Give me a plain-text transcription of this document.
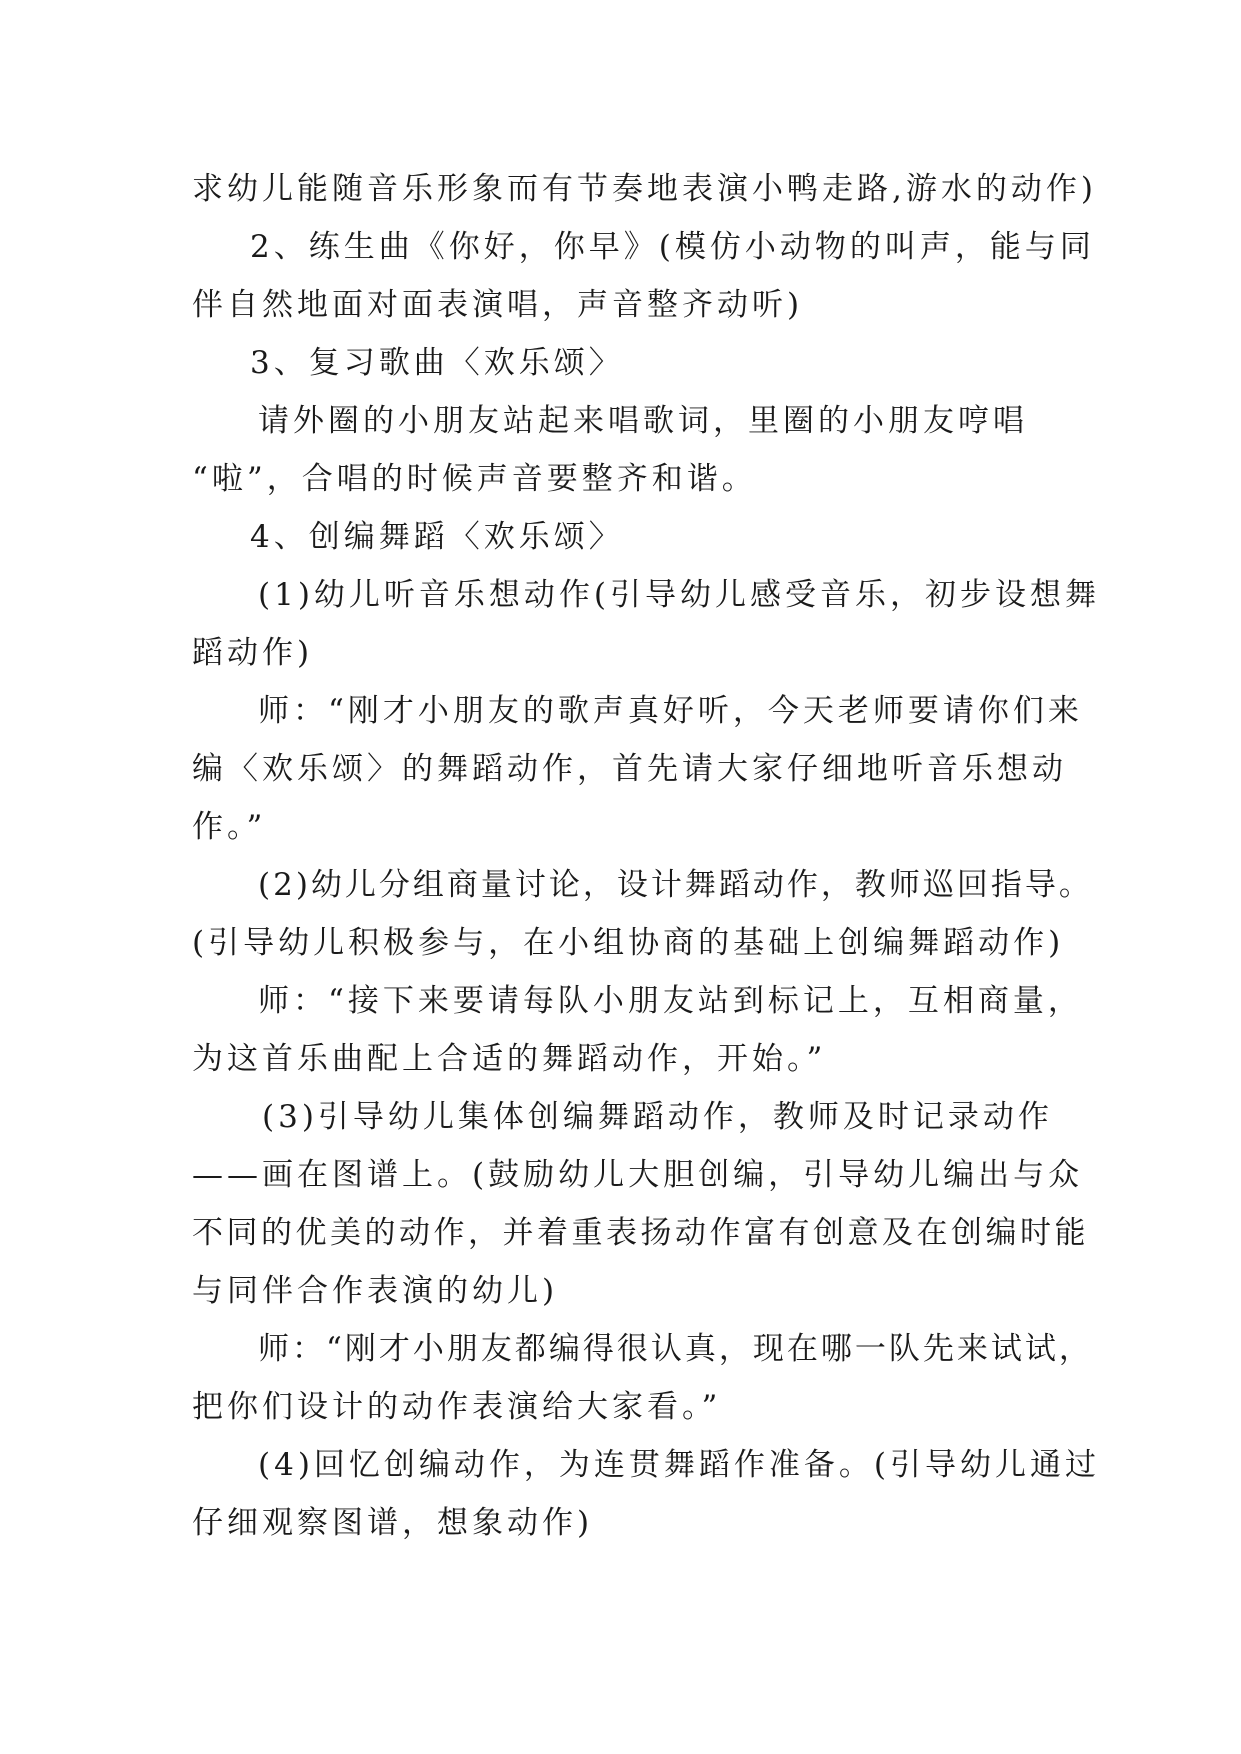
求幼儿能随音乐形象而有节奏地表演小鸭走路,游水的动作)
2、练生曲《你好，你早》(模仿小动物的叫声，能与同
伴自然地面对面表演唱，声音整齐动听)
3、复习歌曲〈欢乐颂〉
请外圈的小朋友站起来唱歌词，里圈的小朋友哼唱
“啦”，合唱的时候声音要整齐和谐。
4、创编舞蹈〈欢乐颂〉
(1)幼儿听音乐想动作(引导幼儿感受音乐，初步设想舞
蹈动作)
师：“刚才小朋友的歌声真好听，今天老师要请你们来
编〈欢乐颂〉的舞蹈动作，首先请大家仔细地听音乐想动
作。”
(2)幼儿分组商量讨论，设计舞蹈动作，教师巡回指导。
(引导幼儿积极参与，在小组协商的基础上创编舞蹈动作)
师：“接下来要请每队小朋友站到标记上，互相商量，
为这首乐曲配上合适的舞蹈动作，开始。”
(3)引导幼儿集体创编舞蹈动作，教师及时记录动作
——画在图谱上。(鼓励幼儿大胆创编，引导幼儿编出与众
不同的优美的动作，并着重表扬动作富有创意及在创编时能
与同伴合作表演的幼儿)
师：“刚才小朋友都编得很认真，现在哪一队先来试试，
把你们设计的动作表演给大家看。”
(4)回忆创编动作，为连贯舞蹈作准备。(引导幼儿通过
仔细观察图谱，想象动作)
